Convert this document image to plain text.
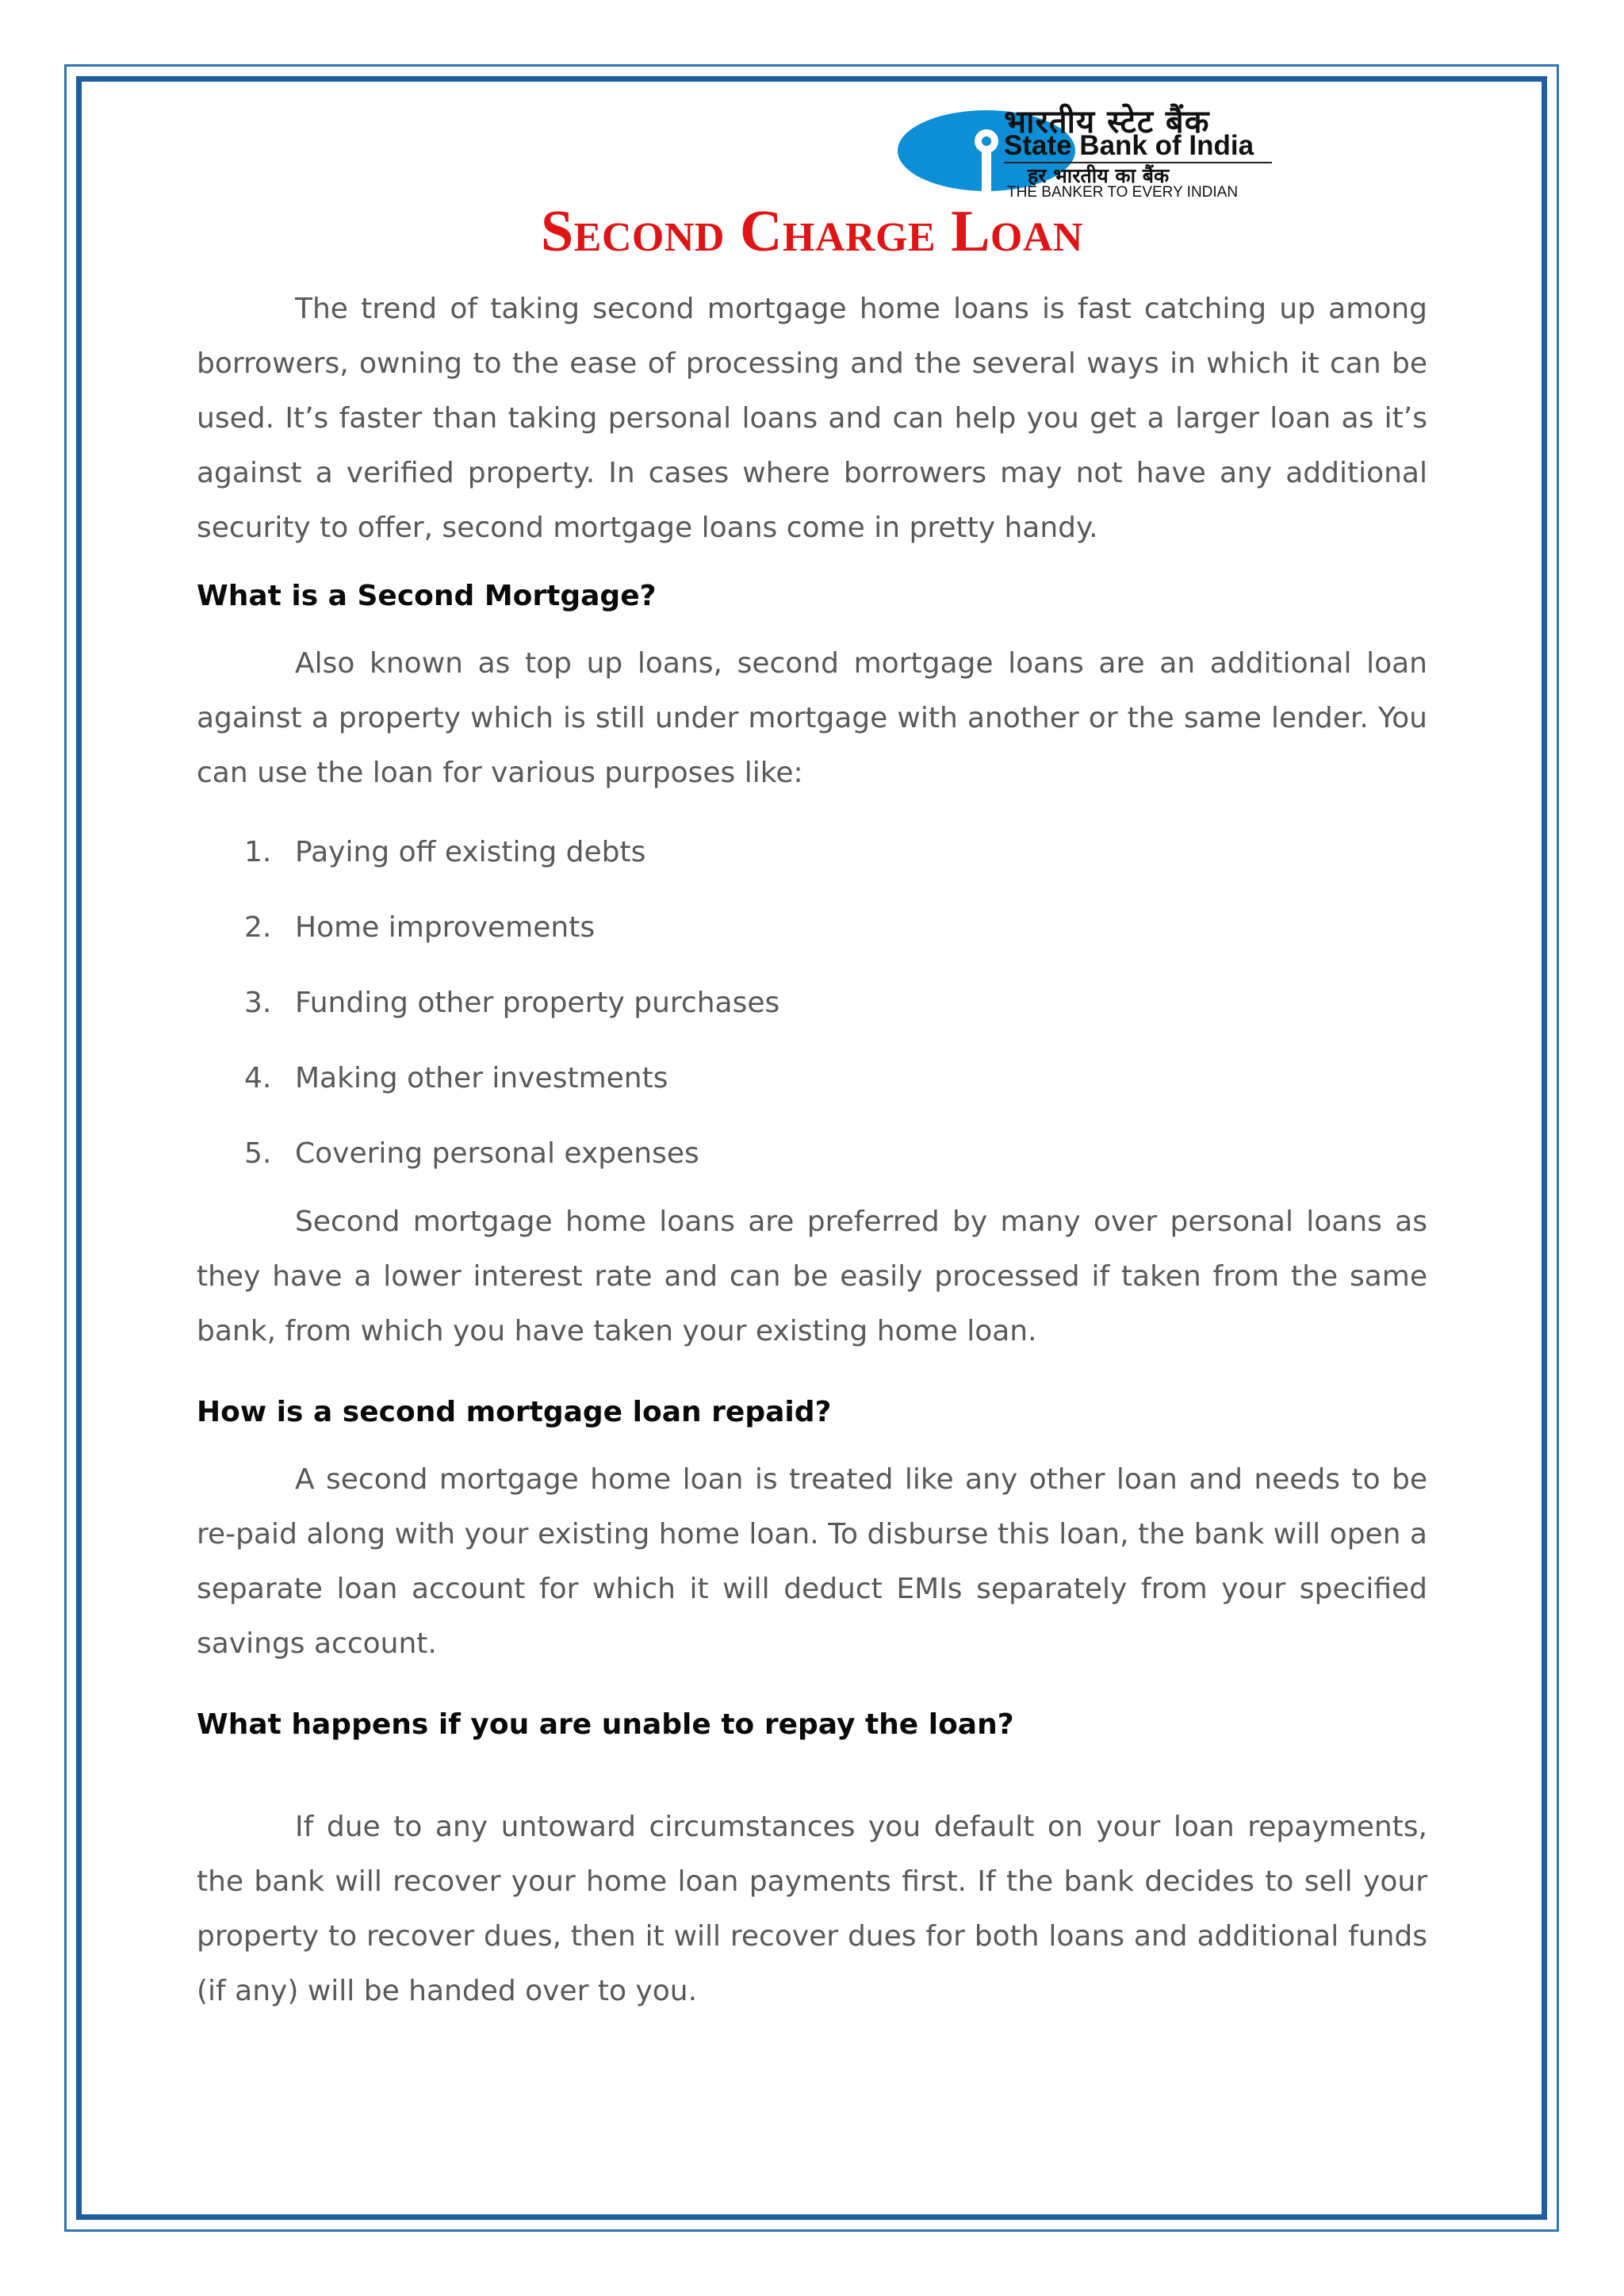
भारतीय स्टेट बैंक
State Bank of India
हर भारतीय का बैंक
THE BANKER TO EVERY INDIAN
Second Charge Loan

The trend of taking second mortgage home loans is fast catching up among borrowers, owning to the ease of processing and the several ways in which it can be used. It’s faster than taking personal loans and can help you get a larger loan as it’s against a verified property. In cases where borrowers may not have any additional security to offer, second mortgage loans come in pretty handy.

What is a Second Mortgage?

Also known as top up loans, second mortgage loans are an additional loan against a property which is still under mortgage with another or the same lender. You can use the loan for various purposes like:

1. Paying off existing debts
2. Home improvements
3. Funding other property purchases
4. Making other investments
5. Covering personal expenses

Second mortgage home loans are preferred by many over personal loans as they have a lower interest rate and can be easily processed if taken from the same bank, from which you have taken your existing home loan.

How is a second mortgage loan repaid?

A second mortgage home loan is treated like any other loan and needs to be re-paid along with your existing home loan. To disburse this loan, the bank will open a separate loan account for which it will deduct EMIs separately from your specified savings account.

What happens if you are unable to repay the loan?

If due to any untoward circumstances you default on your loan repayments, the bank will recover your home loan payments first. If the bank decides to sell your property to recover dues, then it will recover dues for both loans and additional funds (if any) will be handed over to you.
